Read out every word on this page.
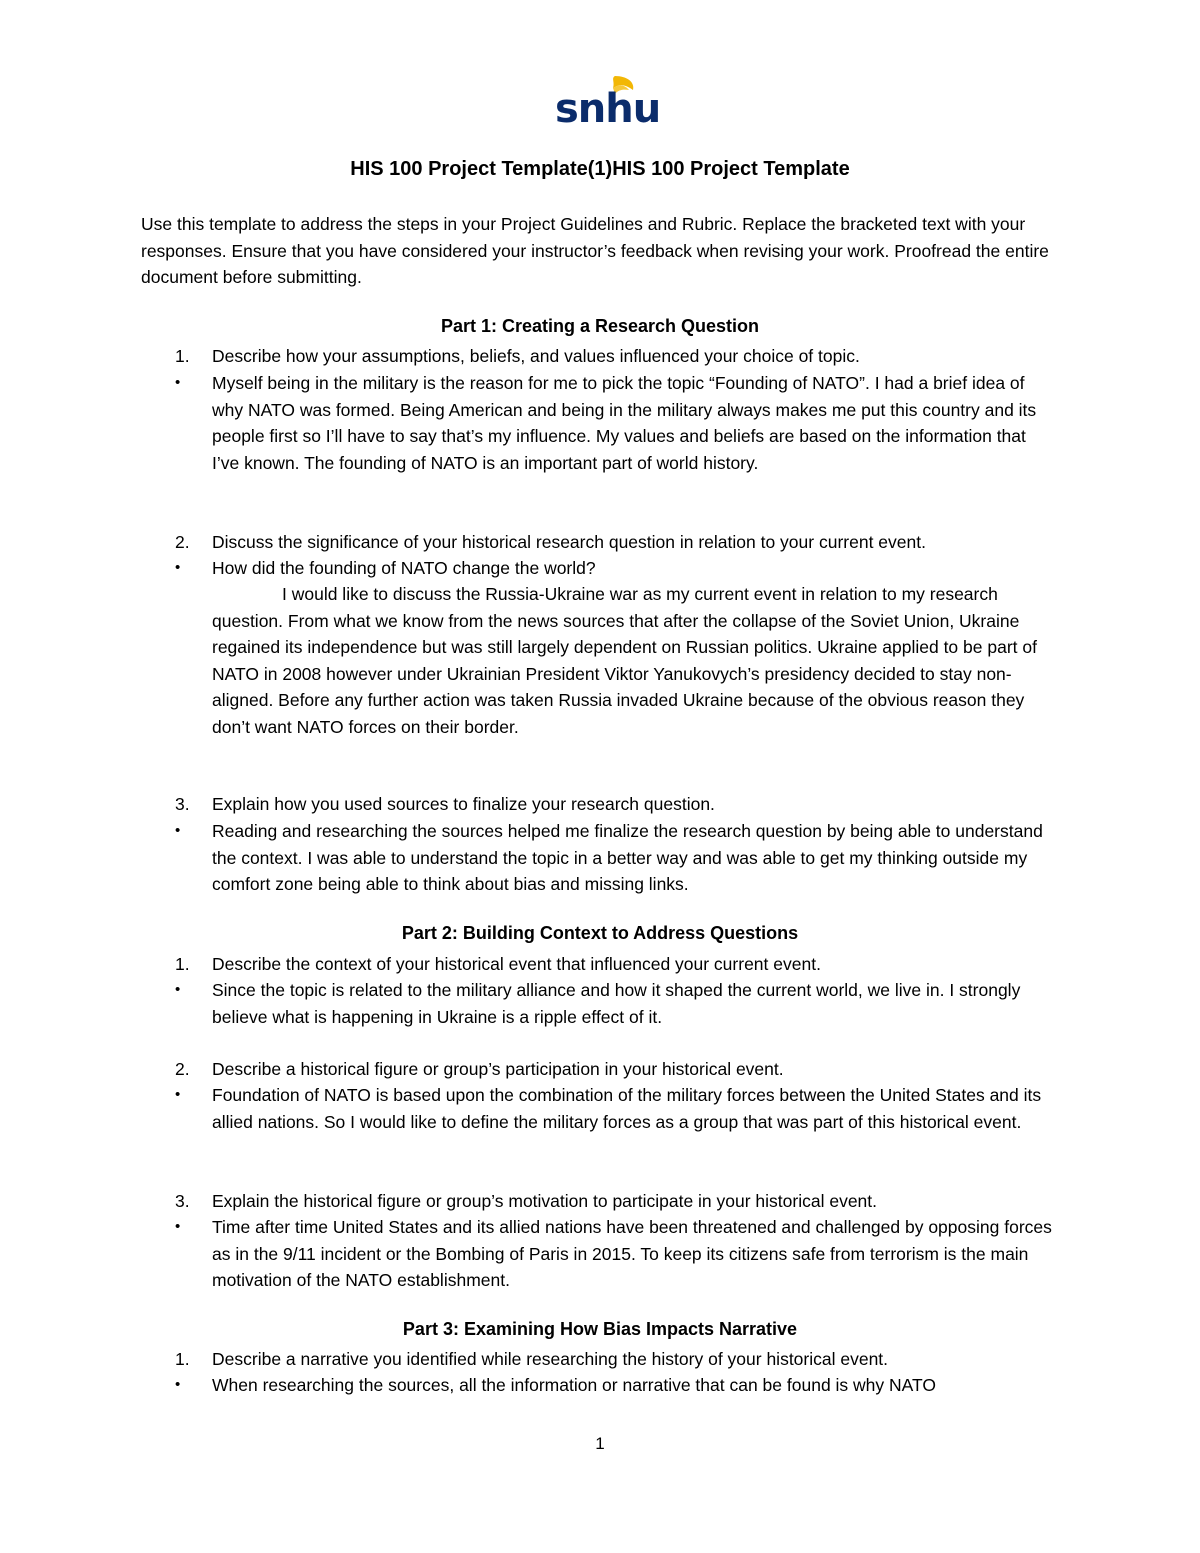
snhu
HIS 100 Project Template(1)HIS 100 Project Template
Use this template to address the steps in your Project Guidelines and Rubric. Replace the bracketed text with your responses. Ensure that you have considered your instructor’s feedback when revising your work. Proofread the entire document before submitting.
Part 1: Creating a Research Question
1. Describe how your assumptions, beliefs, and values influenced your choice of topic.
• Myself being in the military is the reason for me to pick the topic “Founding of NATO”. I had a brief idea of why NATO was formed. Being American and being in the military always makes me put this country and its people first so I’ll have to say that’s my influence. My values and beliefs are based on the information that I’ve known. The founding of NATO is an important part of world history.
2. Discuss the significance of your historical research question in relation to your current event.
• How did the founding of NATO change the world?
I would like to discuss the Russia-Ukraine war as my current event in relation to my research question. From what we know from the news sources that after the collapse of the Soviet Union, Ukraine regained its independence but was still largely dependent on Russian politics. Ukraine applied to be part of NATO in 2008 however under Ukrainian President Viktor Yanukovych’s presidency decided to stay non-aligned. Before any further action was taken Russia invaded Ukraine because of the obvious reason they don’t want NATO forces on their border.
3. Explain how you used sources to finalize your research question.
• Reading and researching the sources helped me finalize the research question by being able to understand the context. I was able to understand the topic in a better way and was able to get my thinking outside my comfort zone being able to think about bias and missing links.
Part 2: Building Context to Address Questions
1. Describe the context of your historical event that influenced your current event.
• Since the topic is related to the military alliance and how it shaped the current world, we live in. I strongly believe what is happening in Ukraine is a ripple effect of it.
2. Describe a historical figure or group’s participation in your historical event.
• Foundation of NATO is based upon the combination of the military forces between the United States and its allied nations. So I would like to define the military forces as a group that was part of this historical event.
3. Explain the historical figure or group’s motivation to participate in your historical event.
• Time after time United States and its allied nations have been threatened and challenged by opposing forces as in the 9/11 incident or the Bombing of Paris in 2015. To keep its citizens safe from terrorism is the main motivation of the NATO establishment.
Part 3: Examining How Bias Impacts Narrative
1. Describe a narrative you identified while researching the history of your historical event.
• When researching the sources, all the information or narrative that can be found is why NATO
1
